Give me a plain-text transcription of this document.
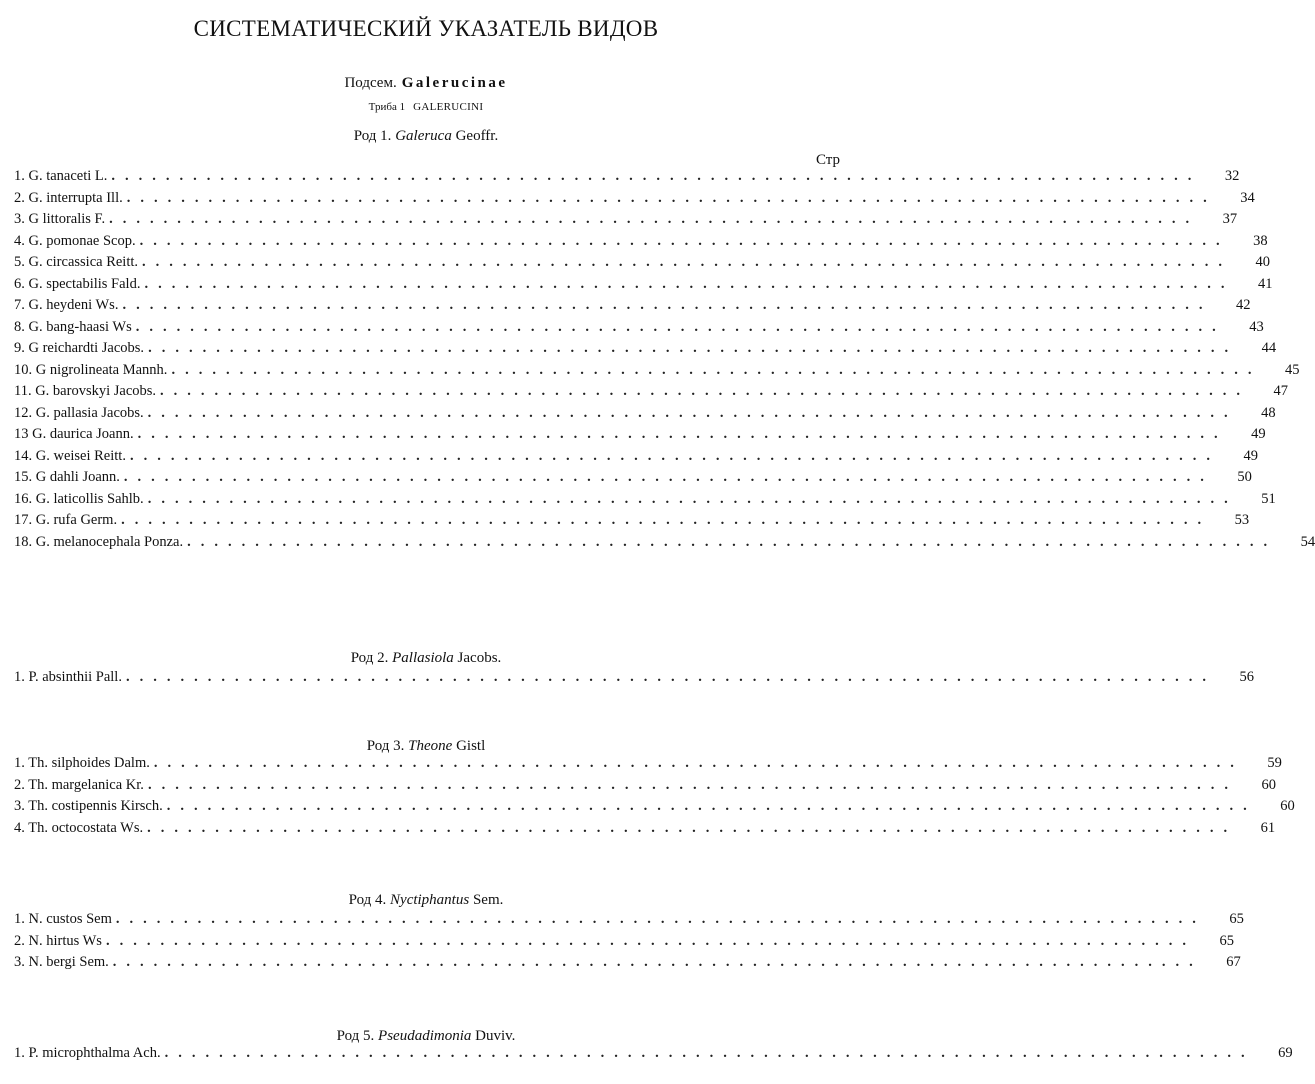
СИСТЕМАТИЧЕСКИЙ УКАЗАТЕЛЬ ВИДОВ
Подсем. Galerucinae
Триба 1 GALERUCINI
Стр
Род 1. Galeruca Geoffr.
1. G. tanaceti L. ................................................................................	32
2. G. interrupta Ill. ................................................................................	34
3. G littoralis F. ................................................................................	37
4. G. pomonae Scop. ................................................................................	38
5. G. circassica Reitt. ................................................................................	40
6. G. spectabilis Fald. ................................................................................	41
7. G. heydeni Ws. ................................................................................	42
8. G. bang-haasi Ws ................................................................................	43
9. G reichardti Jacobs. ................................................................................	44
10. G nigrolineata Mannh. ................................................................................	45
11. G. barovskyi Jacobs. ................................................................................	47
12. G. pallasia Jacobs. ................................................................................	48
13 G. daurica Joann. ................................................................................	49
14. G. weisei Reitt. ................................................................................	49
15. G dahli Joann. ................................................................................	50
16. G. laticollis Sahlb. ................................................................................	51
17. G. rufa Germ. ................................................................................	53
18. G. melanocephala Ponza. ................................................................................	54
Род 2. Pallasiola Jacobs.
1. P. absinthii Pall. ................................................................................	56
Род 3. Theone Gistl
1. Th. silphoides Dalm. ................................................................................	59
2. Th. margelanica Kr. ................................................................................	60
3. Th. costipennis Kirsch. ................................................................................	60
4. Th. octocostata Ws. ................................................................................	61
Род 4. Nyctiphantus Sem.
1. N. custos Sem ................................................................................	65
2. N. hirtus Ws ................................................................................	65
3. N. bergi Sem. ................................................................................	67
Род 5. Pseudadimonia Duviv.
1. P. microphthalma Ach. ................................................................................	69
